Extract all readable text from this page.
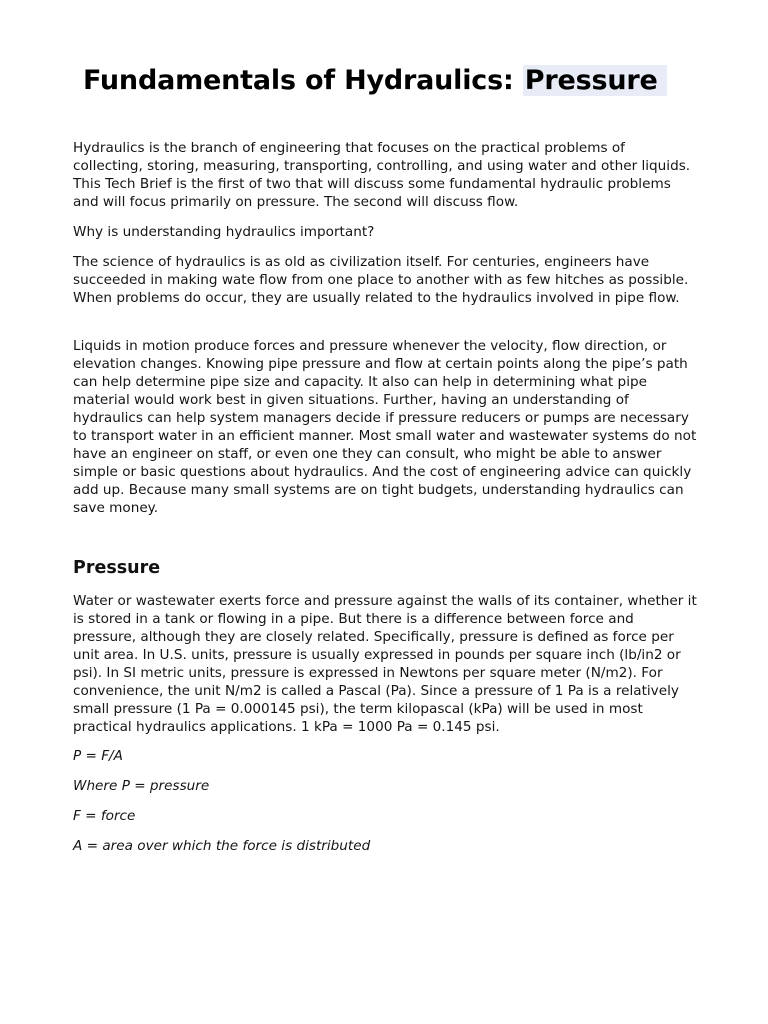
Fundamentals of Hydraulics: Pressure

Hydraulics is the branch of engineering that focuses on the practical problems of collecting, storing, measuring, transporting, controlling, and using water and other liquids. This Tech Brief is the first of two that will discuss some fundamental hydraulic problems and will focus primarily on pressure. The second will discuss flow.

Why is understanding hydraulics important?

The science of hydraulics is as old as civilization itself. For centuries, engineers have succeeded in making wate flow from one place to another with as few hitches as possible. When problems do occur, they are usually related to the hydraulics involved in pipe flow.

Liquids in motion produce forces and pressure whenever the velocity, flow direction, or elevation changes. Knowing pipe pressure and flow at certain points along the pipe’s path can help determine pipe size and capacity. It also can help in determining what pipe material would work best in given situations. Further, having an understanding of hydraulics can help system managers decide if pressure reducers or pumps are necessary to transport water in an efficient manner. Most small water and wastewater systems do not have an engineer on staff, or even one they can consult, who might be able to answer simple or basic questions about hydraulics. And the cost of engineering advice can quickly add up. Because many small systems are on tight budgets, understanding hydraulics can save money.

Pressure

Water or wastewater exerts force and pressure against the walls of its container, whether it is stored in a tank or flowing in a pipe. But there is a difference between force and pressure, although they are closely related. Specifically, pressure is defined as force per unit area. In U.S. units, pressure is usually expressed in pounds per square inch (lb/in2 or psi). In SI metric units, pressure is expressed in Newtons per square meter (N/m2). For convenience, the unit N/m2 is called a Pascal (Pa). Since a pressure of 1 Pa is a relatively small pressure (1 Pa = 0.000145 psi), the term kilopascal (kPa) will be used in most practical hydraulics applications. 1 kPa = 1000 Pa = 0.145 psi.

P = F/A

Where P = pressure

F = force

A = area over which the force is distributed
